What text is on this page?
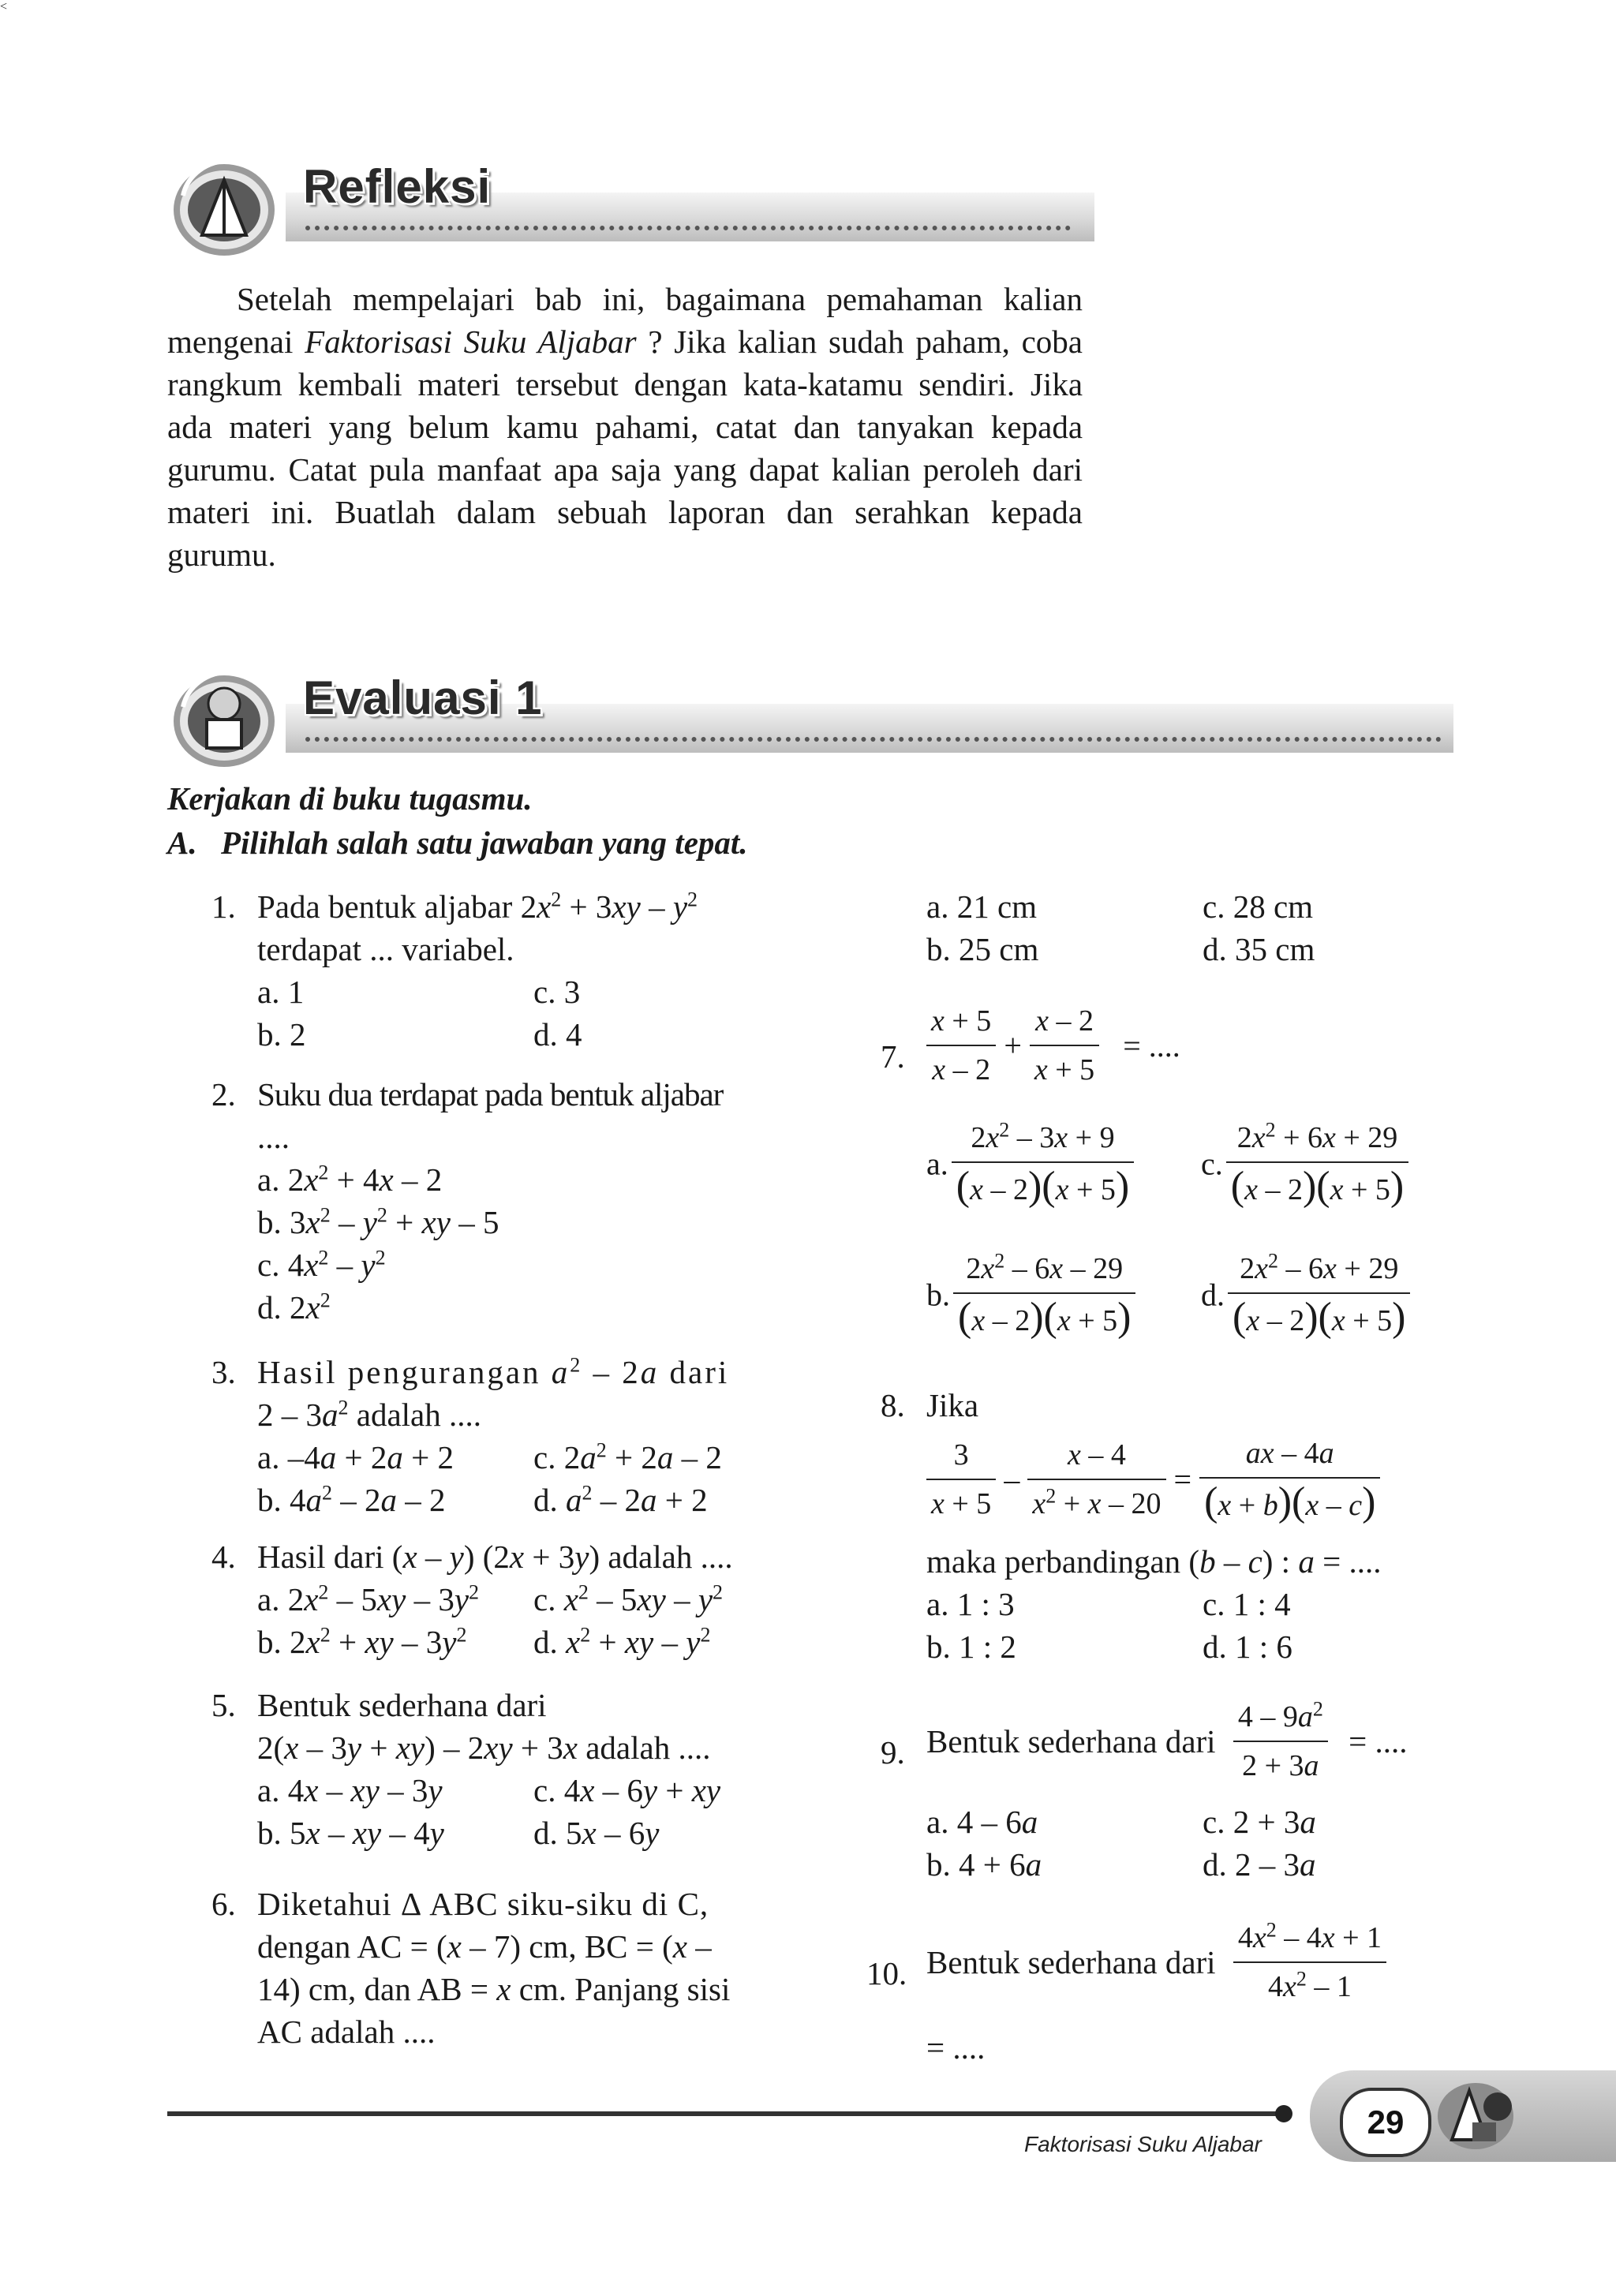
Refleksi

Setelah mempelajari bab ini, bagaimana pemahaman kalian mengenai Faktorisasi Suku Aljabar ? Jika kalian sudah paham, coba rangkum kembali materi tersebut dengan kata-katamu sendiri. Jika ada materi yang belum kamu pahami, catat dan tanyakan kepada gurumu. Catat pula manfaat apa saja yang dapat kalian peroleh dari materi ini. Buatlah dalam sebuah laporan dan serahkan kepada gurumu.

Evaluasi 1
Kerjakan di buku tugasmu.
A. Pilihlah salah satu jawaban yang tepat.
1. Pada bentuk aljabar $2x^2 + 3xy - y^2$
terdapat ... variabel.
a. 1	c. 3
b. 2	d. 4
2. Suku dua terdapat pada bentuk aljabar
....
a. $2x^2 + 4x - 2$
b. $3x^2 - y^2$ + xy – 5
c. $4x^2 - y^2$
d. $2x^2$
3. Hasil pengurangan $a^2 - 2a$ dari
$2 - 3a^2$ adalah ....
a. –4a + 2a + 2 c. $2a^2 + 2a - 2$
b. $4a^2 - 2a - 2$	d. $a^2 - 2a + 2$
4. Hasil dari (x – y) (2x + 3y) adalah ....
a. $2x^2 - 5xy - 3y^2$ c. $x^2 - 5xy - y^2$
b. $2x^2$ + xy – $3y^2$ d. $x^2$ + xy – $y^2$
5. Bentuk sederhana dari
2(x – 3y + xy) – 2xy + 3x adalah ....
a. 4x – xy – 3y	c. 4x – 6y + xy
b. 5x – xy – 4y	d. 5x – 6y
<
6. Diketahui Δ ABC siku-siku di C,
dengan AC = (x – 7) cm, BC = (x –
14) cm, dan AB = x cm. Panjang sisi
AC adalah ....
a. 21 cm	c. 28 cm
b. 25 cm	d. 35 cm
7. $\frac{x + 5}{x - 2} + \frac{x - 2}{x + 5}$ = ....
a. $\frac{2x^2 - 3x + 9}{(x - 2)(x + 5)} c$. $\frac{2x^2 + 6x + 29}{(x - 2)(x + 5)}$
b. $\frac{2x^2 - 6x - 29}{(x - 2)(x + 5)} d$. $\frac{2x^2 - 6x + 29}{(x - 2)(x + 5)}$
8. Jika
$\frac{3}{x + 5} - \frac{x - 4}{x^2 + x - 20} = \frac{ax - 4a}{(x + b)(x - c)}$
maka perbandingan (b – c) : a = ....
a. 1 : 3	c. 1 : 4
b. 1 : 2	d. 1 : 6
9. Bentuk sederhana dari $\frac{4 - 9a^2}{2 + 3a}$ = ....
a. 4 – 6a	c. 2 + 3a
b. 4 + 6a	d. 2 – 3a
10. Bentuk sederhana dari $\frac{4x^2 - 4x + 1}{4x^2 - 1}$
= ....
Faktorisasi Suku Aljabar
29
